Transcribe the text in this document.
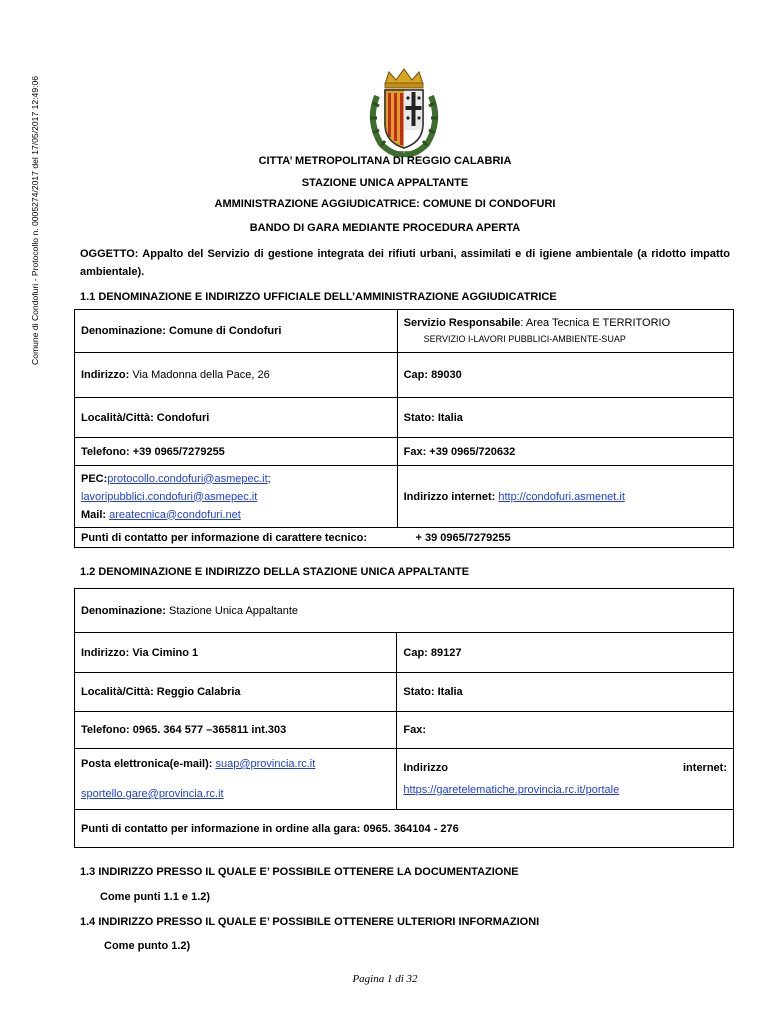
Comune di Condofuri - Protocollo n. 0005274/2017 del 17/05/2017 12:49:06	CITTA’ METROPOLITANA DI REGGIO CALABRIA
STAZIONE UNICA APPALTANTE
AMMINISTRAZIONE AGGIUDICATRICE: COMUNE DI CONDOFURI
BANDO DI GARA MEDIANTE PROCEDURA APERTA
OGGETTO: Appalto del Servizio di gestione integrata dei rifiuti urbani, assimilati e di igiene ambientale (a ridotto impatto ambientale).
1.1 DENOMINAZIONE E INDIRIZZO UFFICIALE DELL’AMMINISTRAZIONE AGGIUDICATRICE
Denominazione: Comune di Condofuri	Servizio Responsabile: Area Tecnica E TERRITORIO
SERVIZIO I-LAVORI PUBBLICI-AMBIENTE-SUAP
Indirizzo: Via Madonna della Pace, 26	Cap: 89030
Località/Città: Condofuri	Stato: Italia
Telefono: +39 0965/7279255	Fax: +39 0965/720632
PEC:protocollo.condofuri@asmepec.it;
lavoripubblici.condofuri@asmepec.it
Mail: areatecnica@condofuri.net	Indirizzo internet: http://condofuri.asmenet.it
Punti di contatto per informazione di carattere tecnico: + 39 0965/7279255	
1.2 DENOMINAZIONE E INDIRIZZO DELLA STAZIONE UNICA APPALTANTE
Denominazione: Stazione Unica Appaltante	
Indirizzo: Via Cimino 1	Cap: 89127
Località/Città: Reggio Calabria	Stato: Italia
Telefono: 0965. 364 577 –365811 int.303	Fax:
Posta elettronica(e-mail): suap@provincia.rc.it
sportello.gare@provincia.rc.it	Indirizzo internet:
https://garetelematiche.provincia.rc.it/portale
Punti di contatto per informazione in ordine alla gara: 0965. 364104 - 276	
1.3 INDIRIZZO PRESSO IL QUALE E’ POSSIBILE OTTENERE LA DOCUMENTAZIONE
Come punti 1.1 e 1.2)
1.4 INDIRIZZO PRESSO IL QUALE E’ POSSIBILE OTTENERE ULTERIORI INFORMAZIONI
Come punto 1.2)
Pagina 1 di 32
